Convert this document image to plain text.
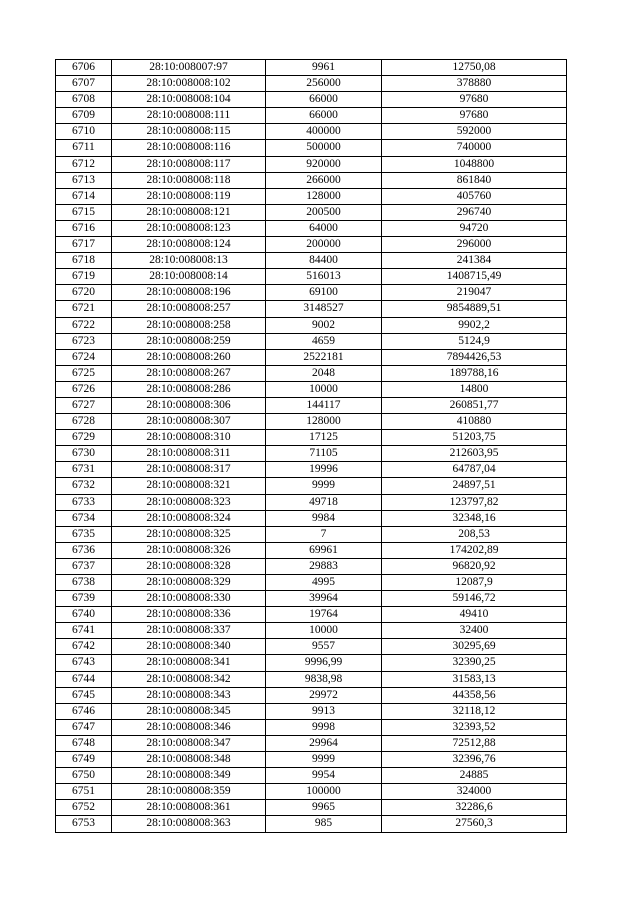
6706	28:10:008007:97	9961	12750,08
6707	28:10:008008:102	256000	378880
6708	28:10:008008:104	66000	97680
6709	28:10:008008:111	66000	97680
6710	28:10:008008:115	400000	592000
6711	28:10:008008:116	500000	740000
6712	28:10:008008:117	920000	1048800
6713	28:10:008008:118	266000	861840
6714	28:10:008008:119	128000	405760
6715	28:10:008008:121	200500	296740
6716	28:10:008008:123	64000	94720
6717	28:10:008008:124	200000	296000
6718	28:10:008008:13	84400	241384
6719	28:10:008008:14	516013	1408715,49
6720	28:10:008008:196	69100	219047
6721	28:10:008008:257	3148527	9854889,51
6722	28:10:008008:258	9002	9902,2
6723	28:10:008008:259	4659	5124,9
6724	28:10:008008:260	2522181	7894426,53
6725	28:10:008008:267	2048	189788,16
6726	28:10:008008:286	10000	14800
6727	28:10:008008:306	144117	260851,77
6728	28:10:008008:307	128000	410880
6729	28:10:008008:310	17125	51203,75
6730	28:10:008008:311	71105	212603,95
6731	28:10:008008:317	19996	64787,04
6732	28:10:008008:321	9999	24897,51
6733	28:10:008008:323	49718	123797,82
6734	28:10:008008:324	9984	32348,16
6735	28:10:008008:325	7	208,53
6736	28:10:008008:326	69961	174202,89
6737	28:10:008008:328	29883	96820,92
6738	28:10:008008:329	4995	12087,9
6739	28:10:008008:330	39964	59146,72
6740	28:10:008008:336	19764	49410
6741	28:10:008008:337	10000	32400
6742	28:10:008008:340	9557	30295,69
6743	28:10:008008:341	9996,99	32390,25
6744	28:10:008008:342	9838,98	31583,13
6745	28:10:008008:343	29972	44358,56
6746	28:10:008008:345	9913	32118,12
6747	28:10:008008:346	9998	32393,52
6748	28:10:008008:347	29964	72512,88
6749	28:10:008008:348	9999	32396,76
6750	28:10:008008:349	9954	24885
6751	28:10:008008:359	100000	324000
6752	28:10:008008:361	9965	32286,6
6753	28:10:008008:363	985	27560,3
